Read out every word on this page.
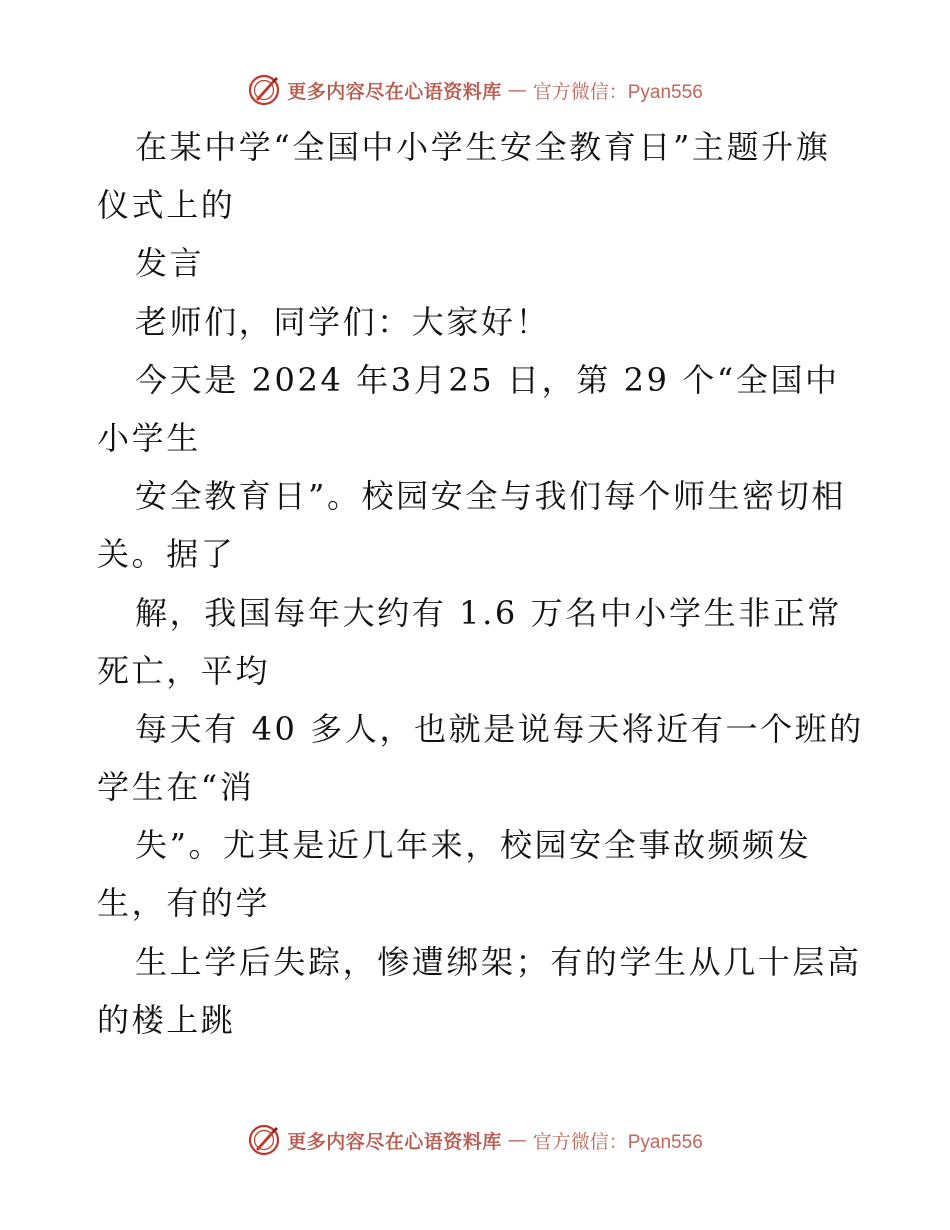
更多内容尽在心语资料库 — 官方微信：Pyan556
在某中学“全国中小学生安全教育日”主题升旗
仪式上的
发言
老师们，同学们：大家好！
今天是 2024 年3月25 日，第 29 个“全国中
小学生
安全教育日”。校园安全与我们每个师生密切相
关。据了
解，我国每年大约有 1.6 万名中小学生非正常
死亡，平均
每天有 40 多人，也就是说每天将近有一个班的
学生在“消
失”。尤其是近几年来，校园安全事故频频发
生，有的学
生上学后失踪，惨遭绑架；有的学生从几十层高
的楼上跳
更多内容尽在心语资料库 — 官方微信：Pyan556
